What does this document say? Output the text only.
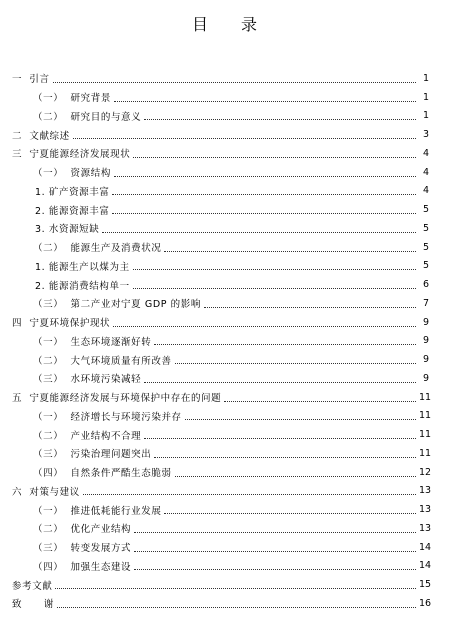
目 录
一  引言	1
（一）  研究背景	1
（二）  研究目的与意义	1
二  文献综述	3
三  宁夏能源经济发展现状	4
（一）  资源结构	4
1. 矿产资源丰富	4
2. 能源资源丰富	5
3. 水资源短缺	5
（二）  能源生产及消费状况	5
1. 能源生产以煤为主	5
2. 能源消费结构单一	6
（三）  第二产业对宁夏 GDP 的影响	7
四  宁夏环境保护现状	9
（一）  生态环境逐渐好转	9
（二）  大气环境质量有所改善	9
（三）  水环境污染减轻	9
五  宁夏能源经济发展与环境保护中存在的问题	11
（一）  经济增长与环境污染并存	11
（二）  产业结构不合理	11
（三）  污染治理问题突出	11
（四）  自然条件严酷生态脆弱	12
六  对策与建议	13
（一）  推进低耗能行业发展	13
（二）  优化产业结构	13
（三）  转变发展方式	14
（四）  加强生态建设	14
参考文献	15
致      谢	16
